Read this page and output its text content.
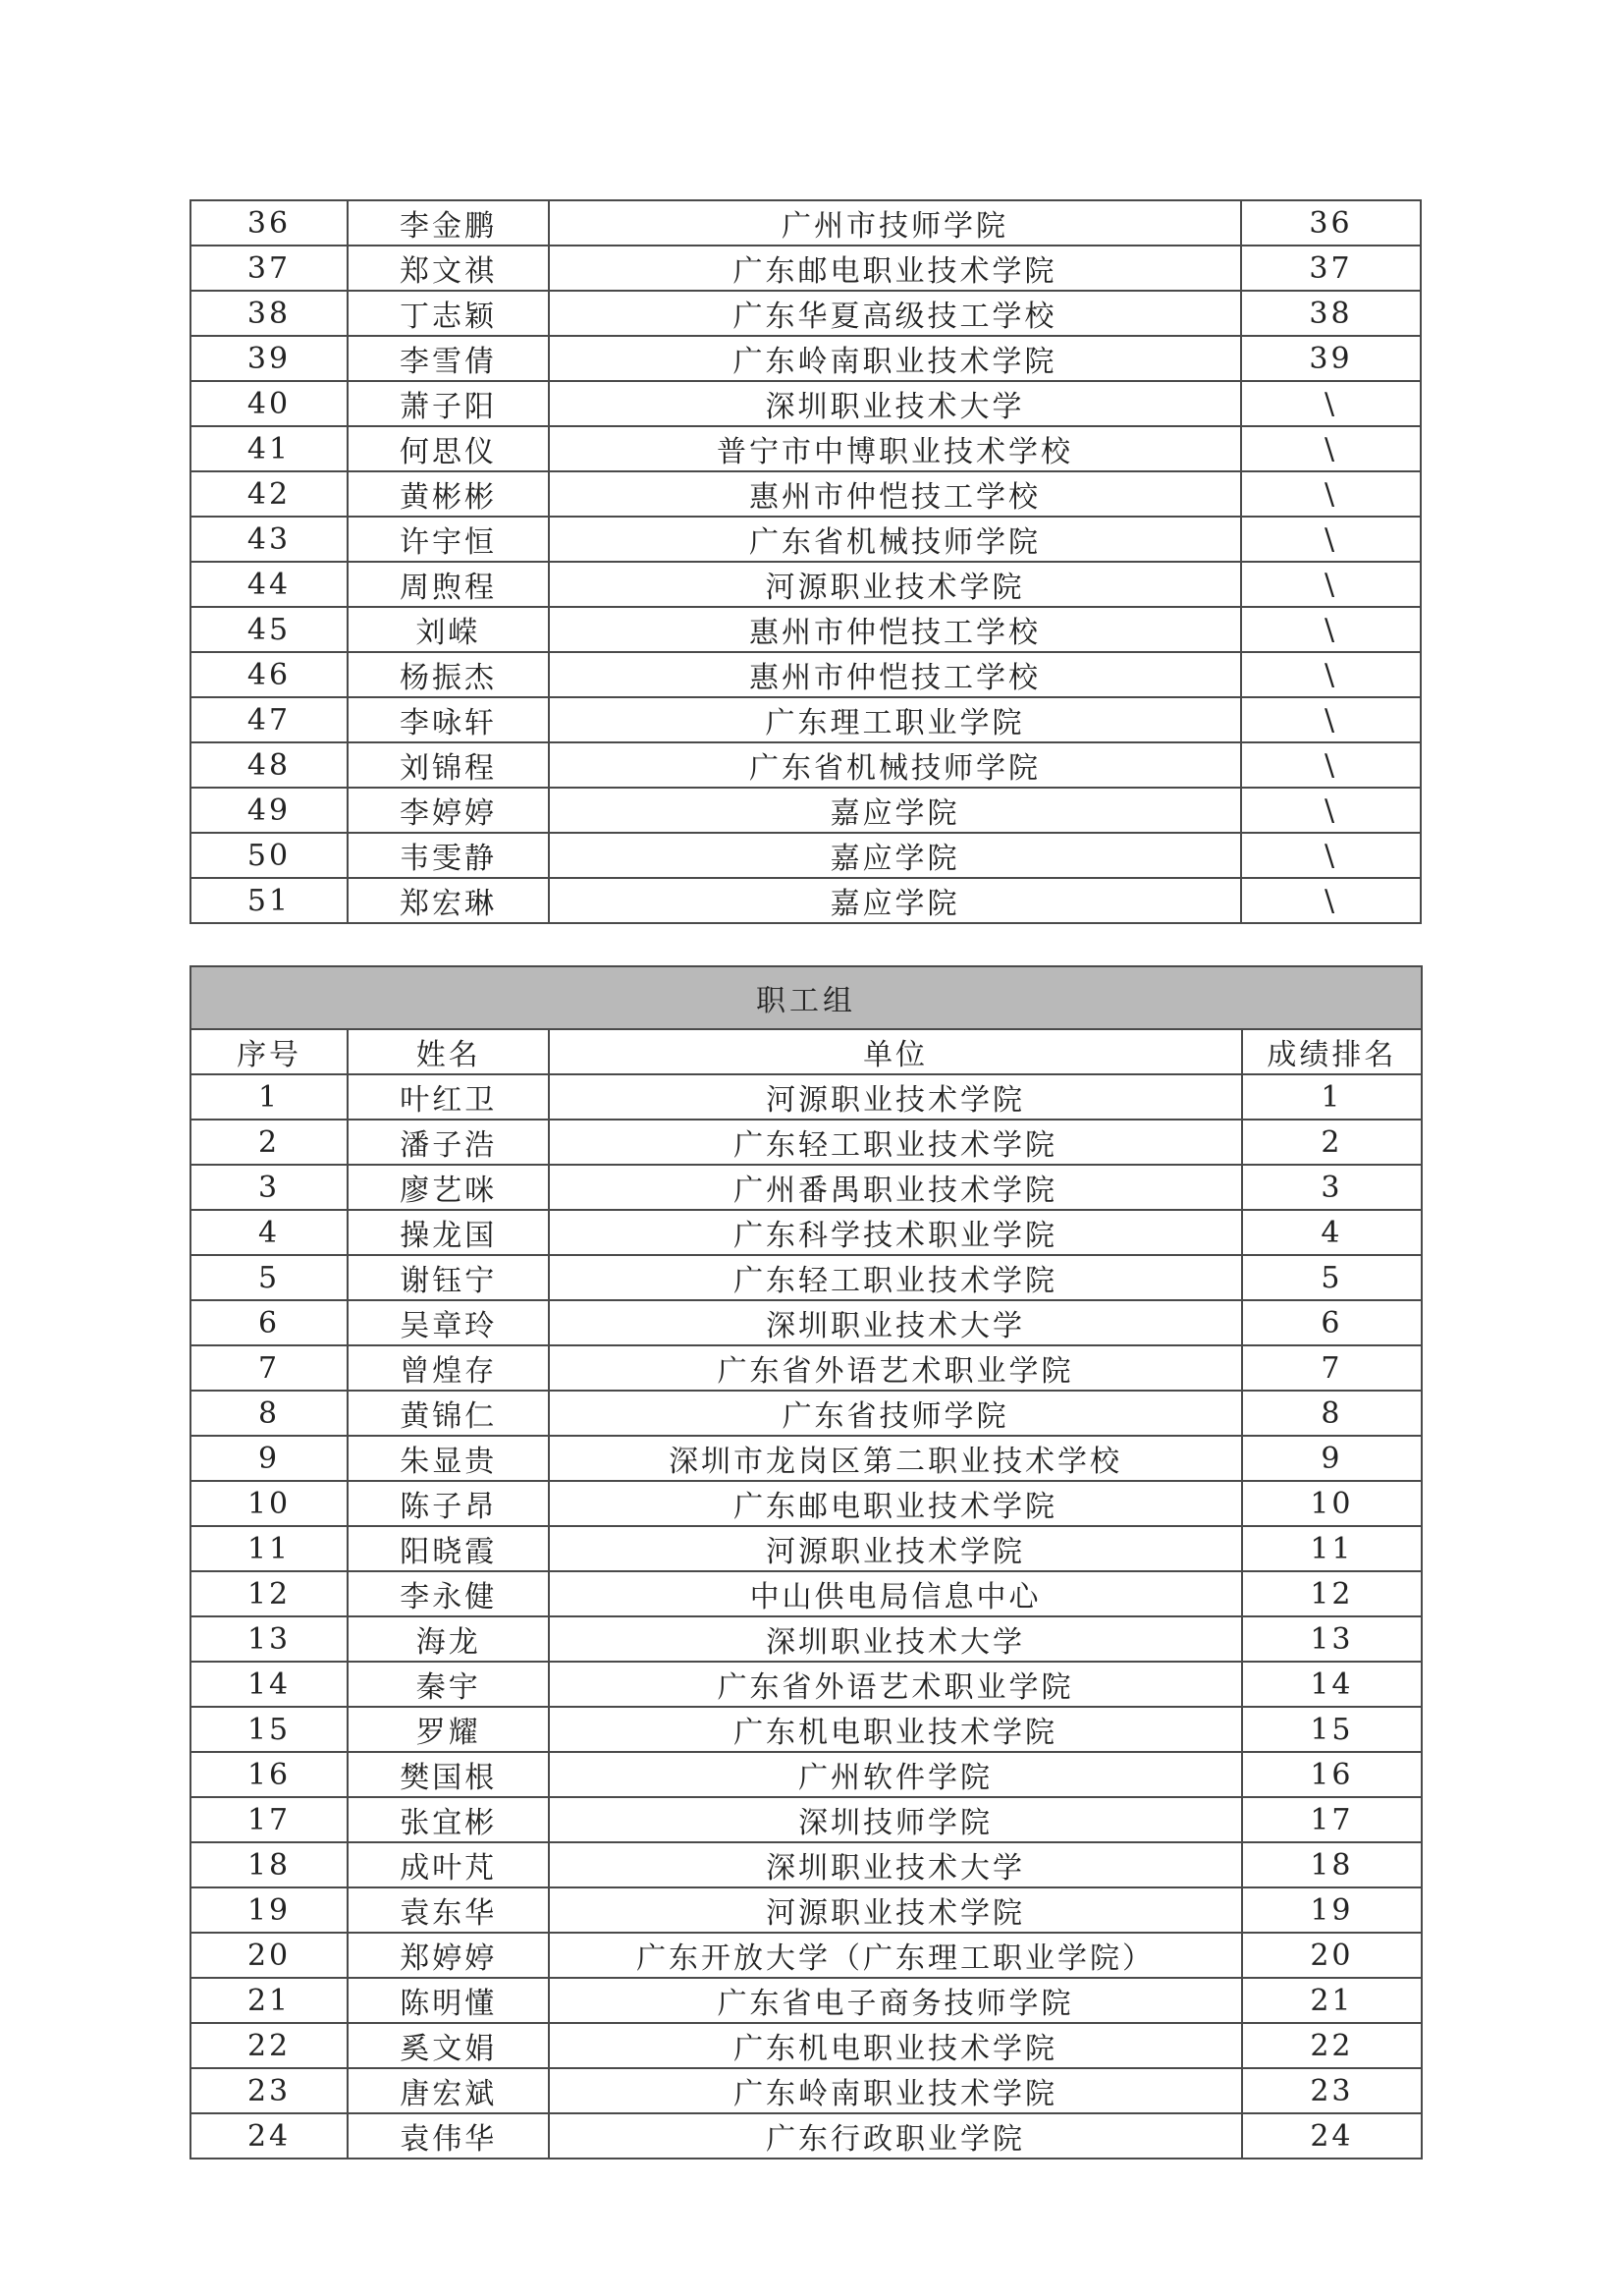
36	李金鹏	广州市技师学院	36
37	郑文祺	广东邮电职业技术学院	37
38	丁志颖	广东华夏高级技工学校	38
39	李雪倩	广东岭南职业技术学院	39
40	萧子阳	深圳职业技术大学	\
41	何思仪	普宁市中博职业技术学校	\
42	黄彬彬	惠州市仲恺技工学校	\
43	许宇恒	广东省机械技师学院	\
44	周煦程	河源职业技术学院	\
45	刘嵘	惠州市仲恺技工学校	\
46	杨振杰	惠州市仲恺技工学校	\
47	李咏轩	广东理工职业学院	\
48	刘锦程	广东省机械技师学院	\
49	李婷婷	嘉应学院	\
50	韦雯静	嘉应学院	\
51	郑宏琳	嘉应学院	\
职工组			
序号	姓名	单位	成绩排名
1	叶红卫	河源职业技术学院	1
2	潘子浩	广东轻工职业技术学院	2
3	廖艺咪	广州番禺职业技术学院	3
4	操龙国	广东科学技术职业学院	4
5	谢钰宁	广东轻工职业技术学院	5
6	吴章玲	深圳职业技术大学	6
7	曾煌存	广东省外语艺术职业学院	7
8	黄锦仁	广东省技师学院	8
9	朱显贵	深圳市龙岗区第二职业技术学校	9
10	陈子昂	广东邮电职业技术学院	10
11	阳晓霞	河源职业技术学院	11
12	李永健	中山供电局信息中心	12
13	海龙	深圳职业技术大学	13
14	秦宇	广东省外语艺术职业学院	14
15	罗耀	广东机电职业技术学院	15
16	樊国根	广州软件学院	16
17	张宜彬	深圳技师学院	17
18	成叶芃	深圳职业技术大学	18
19	袁东华	河源职业技术学院	19
20	郑婷婷	广东开放大学（广东理工职业学院）	20
21	陈明懂	广东省电子商务技师学院	21
22	奚文娟	广东机电职业技术学院	22
23	唐宏斌	广东岭南职业技术学院	23
24	袁伟华	广东行政职业学院	24
